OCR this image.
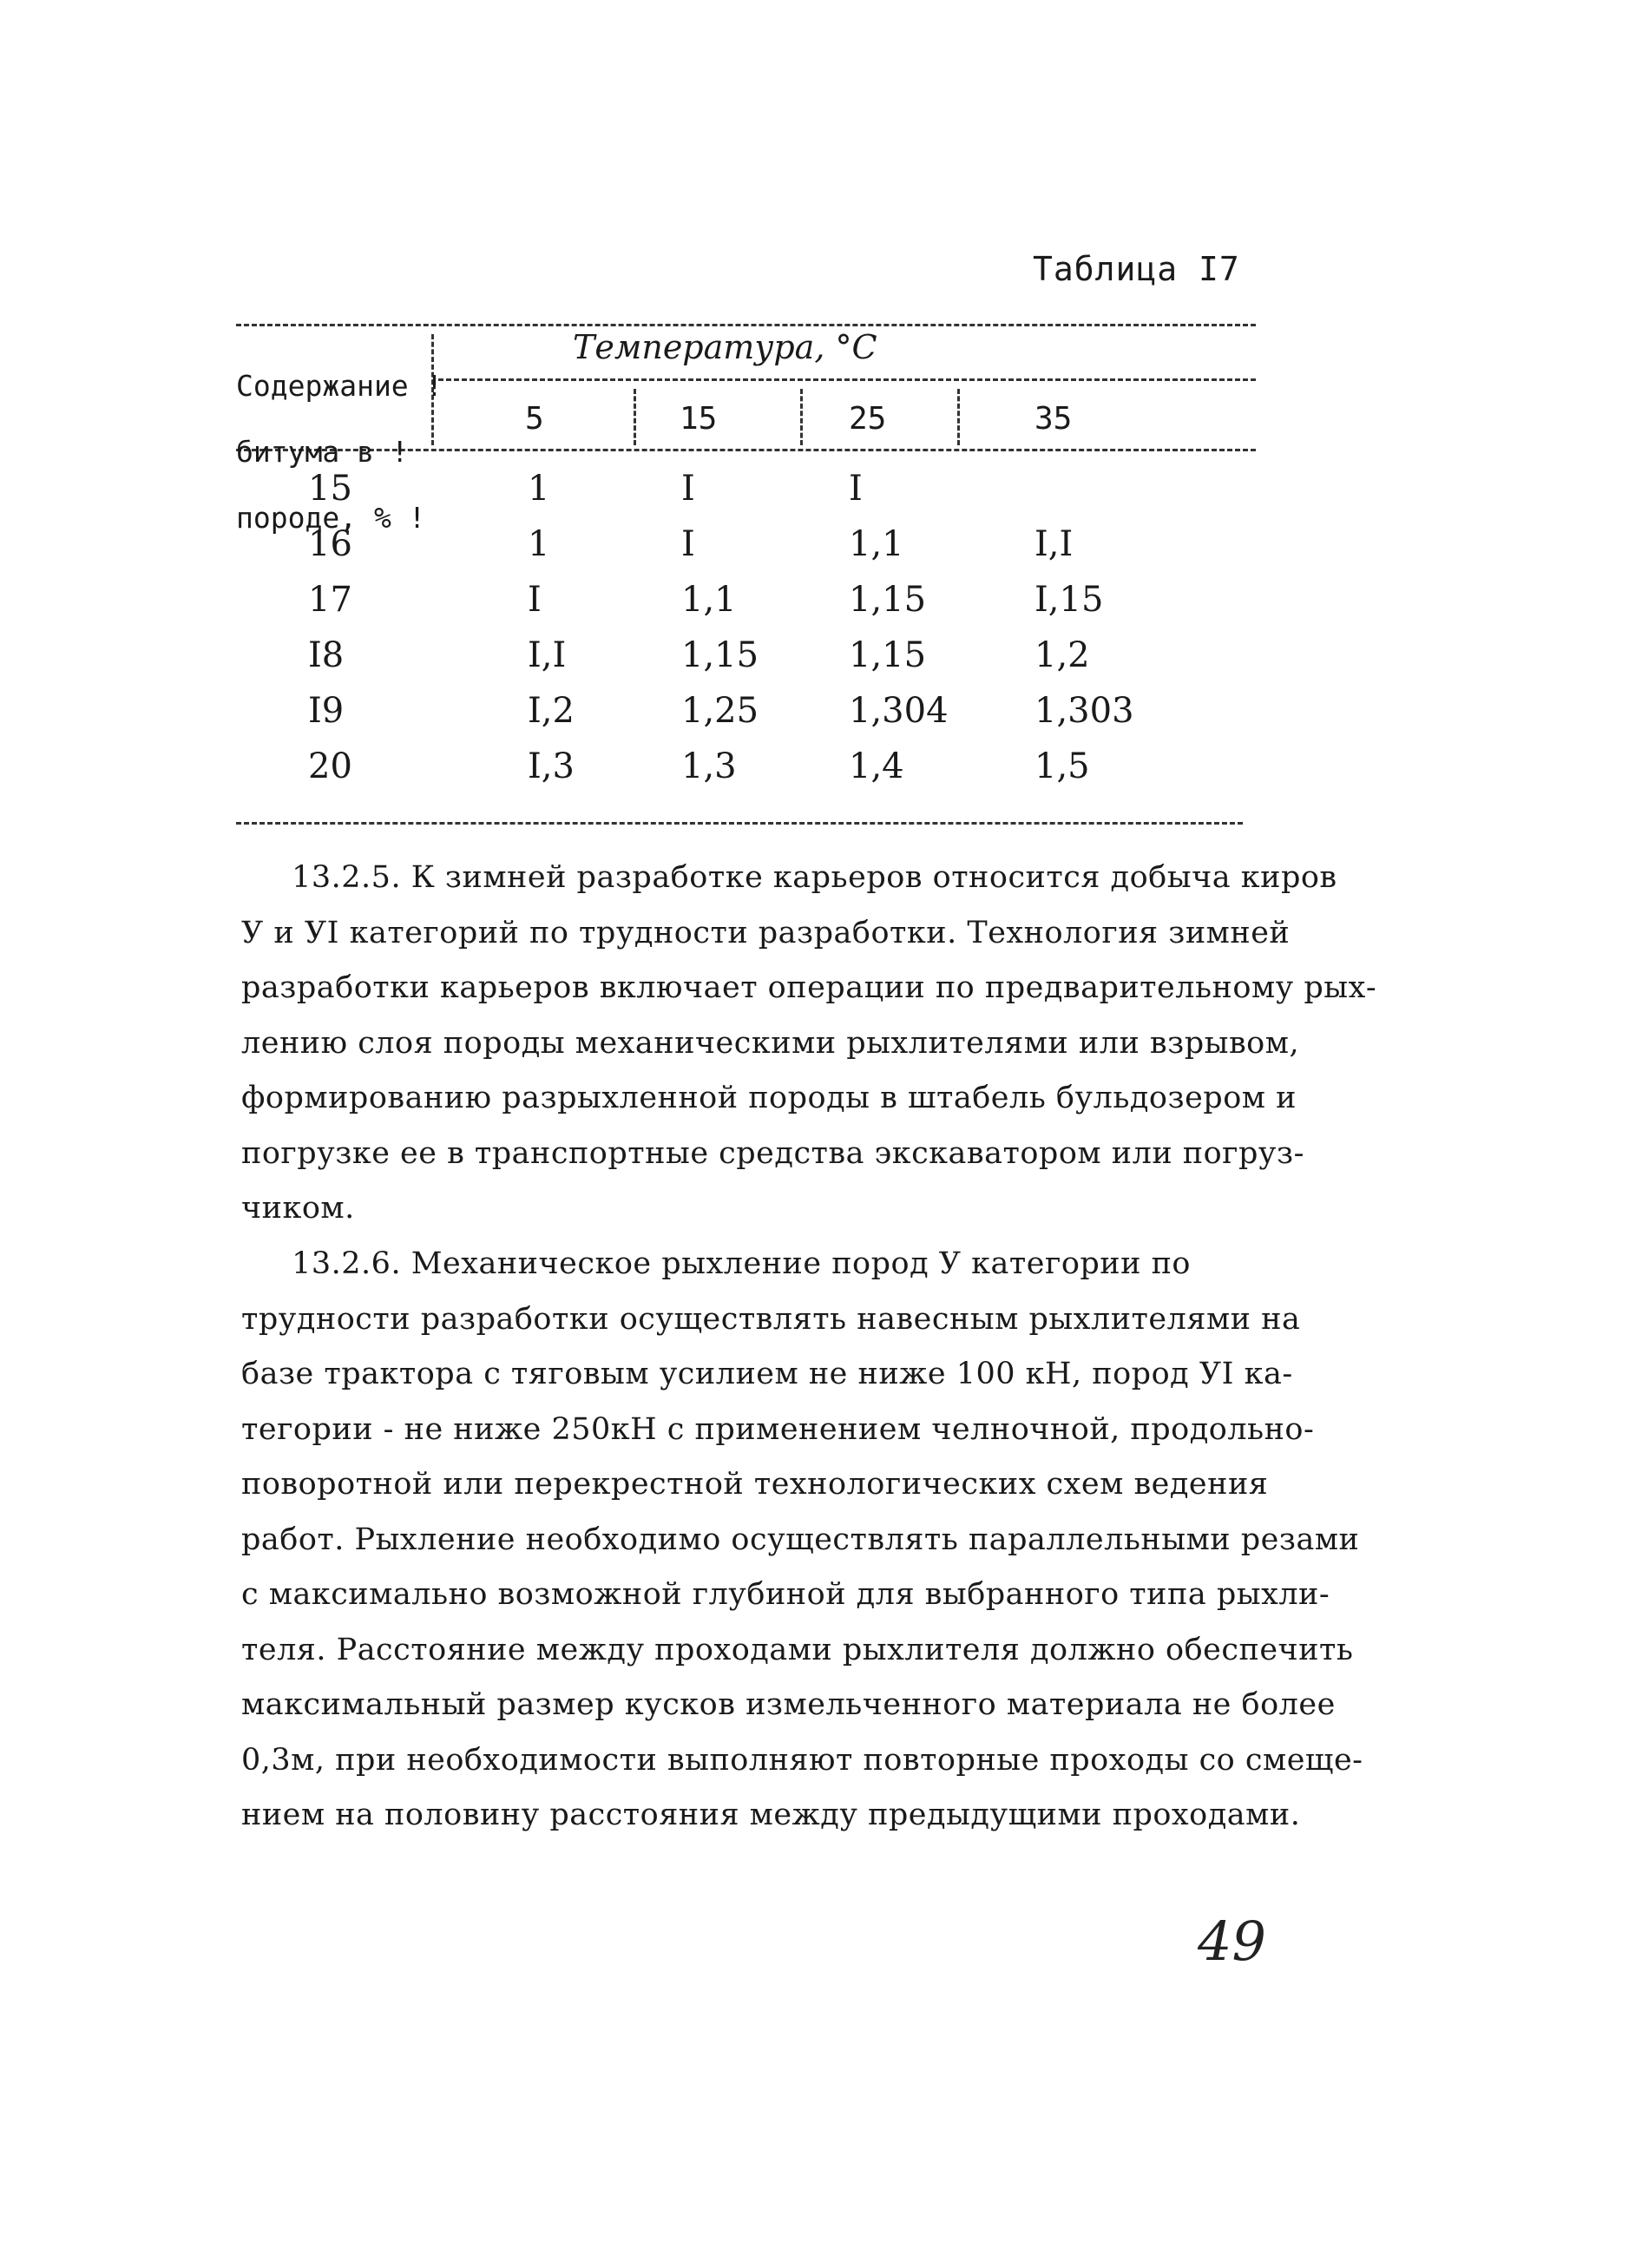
Таблица I7

Содержание !

битума в !

породе, % !

Температура, °С
5	15	25	35
15	1	I	I
16	1	I	1,1	I,I
17	I	1,1	1,15	I,15
I8	I,I	1,15	1,15	1,2
I9	I,2	1,25	1,304 1,303
20	I,3	1,3	1,4	1,5
13.2.5. К зимней разработке карьеров относится добыча киров
У и УI категорий по трудности разработки. Технология зимней
разработки карьеров включает операции по предварительному рых-
лению слоя породы механическими рыхлителями или взрывом,
формированию разрыхленной породы в штабель бульдозером и
погрузке ее в транспортные средства экскаватором или погруз-
чиком.
13.2.6. Механическое рыхление пород У категории по
трудности разработки осуществлять навесным рыхлителями на
базе трактора с тяговым усилием не ниже 100 кН, пород УI ка-
тегории - не ниже 250кН с применением челночной, продольно-
поворотной или перекрестной технологических схем ведения
работ. Рыхление необходимо осуществлять параллельными резами
с максимально возможной глубиной для выбранного типа рыхли-
теля. Расстояние между проходами рыхлителя должно обеспечить
максимальный размер кусков измельченного материала не более
0,3м, при необходимости выполняют повторные проходы со смеще-
нием на половину расстояния между предыдущими проходами.
49
